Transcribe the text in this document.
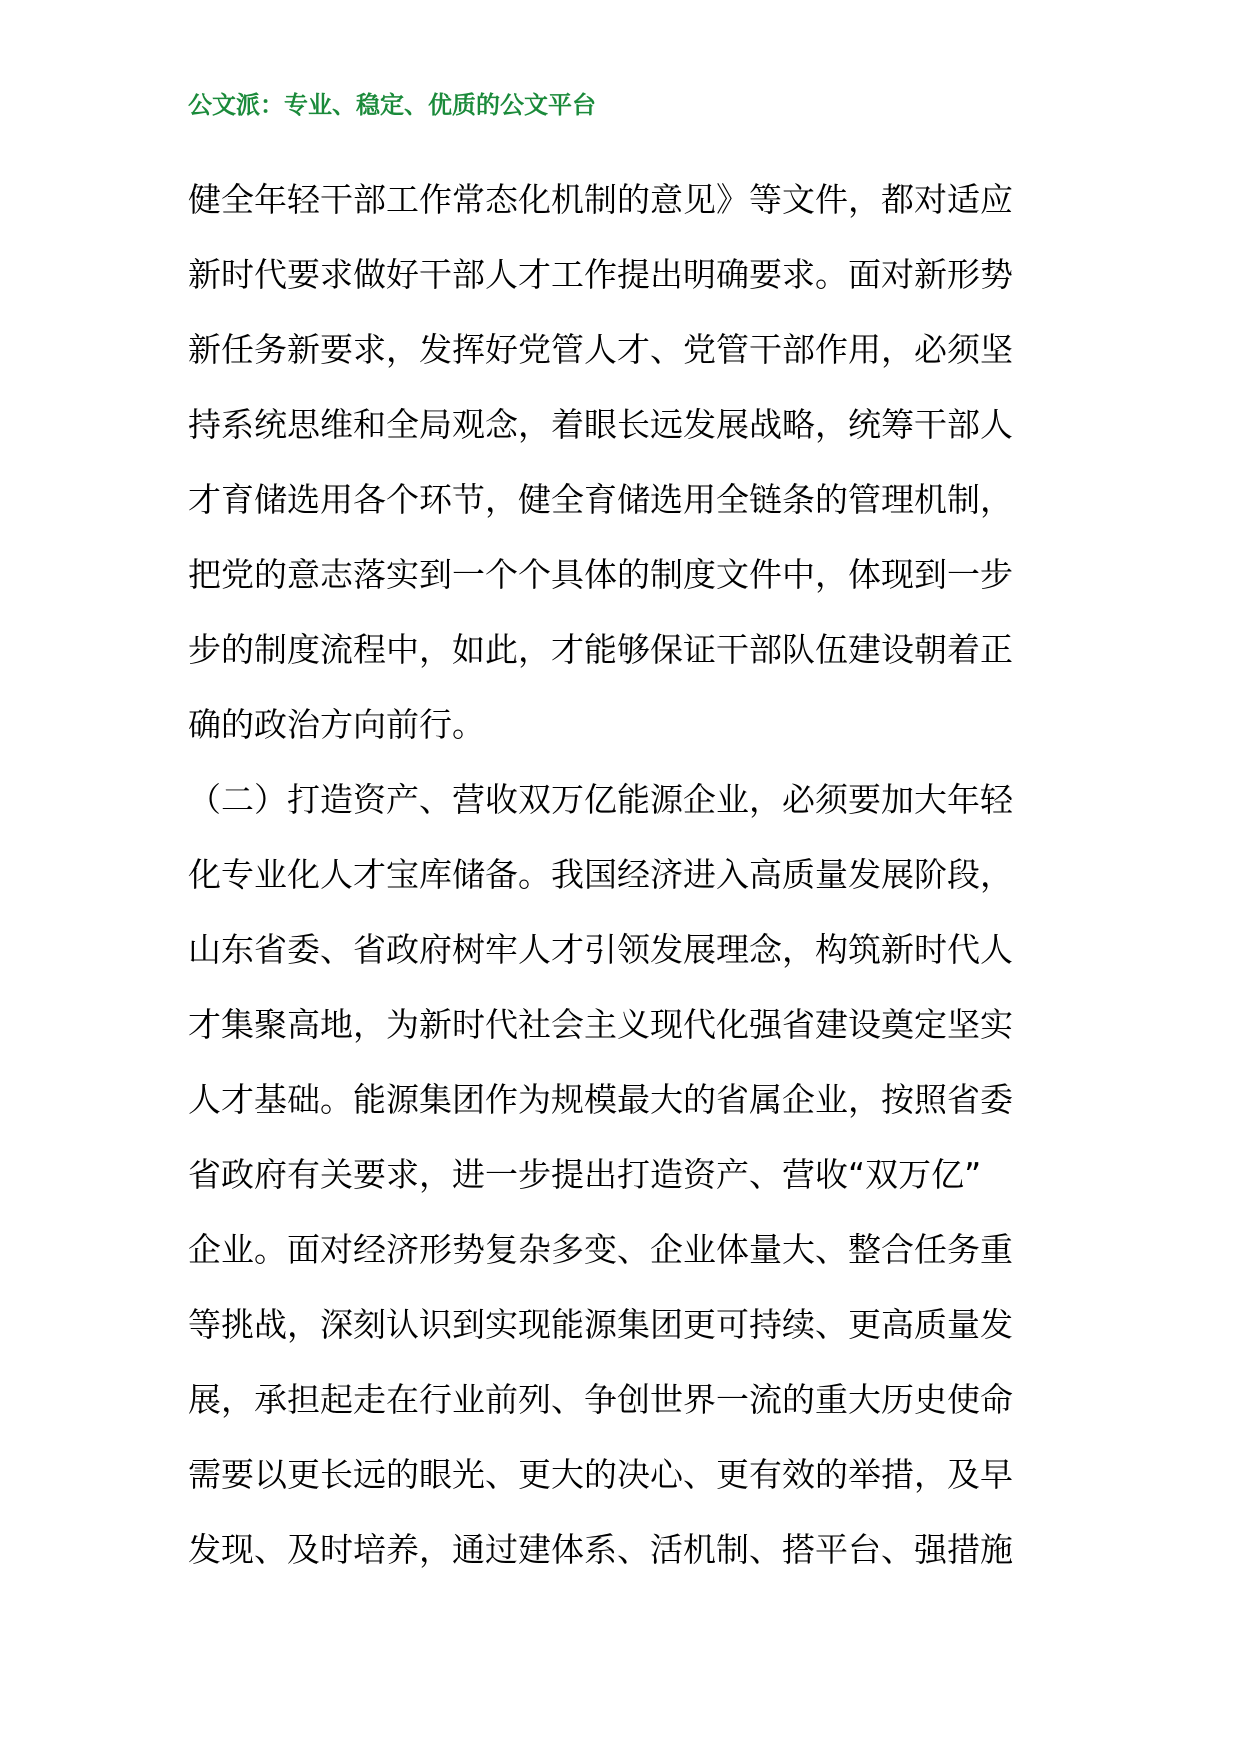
公文派：专业、稳定、优质的公文平台
健全年轻干部工作常态化机制的意见》等文件，都对适应
新时代要求做好干部人才工作提出明确要求。面对新形势
新任务新要求，发挥好党管人才、党管干部作用，必须坚
持系统思维和全局观念，着眼长远发展战略，统筹干部人
才育储选用各个环节，健全育储选用全链条的管理机制，
把党的意志落实到一个个具体的制度文件中，体现到一步
步的制度流程中，如此，才能够保证干部队伍建设朝着正
确的政治方向前行。
（二）打造资产、营收双万亿能源企业，必须要加大年轻
化专业化人才宝库储备。我国经济进入高质量发展阶段，
山东省委、省政府树牢人才引领发展理念，构筑新时代人
才集聚高地，为新时代社会主义现代化强省建设奠定坚实
人才基础。能源集团作为规模最大的省属企业，按照省委
省政府有关要求，进一步提出打造资产、营收“双万亿”
企业。面对经济形势复杂多变、企业体量大、整合任务重
等挑战，深刻认识到实现能源集团更可持续、更高质量发
展，承担起走在行业前列、争创世界一流的重大历史使命
需要以更长远的眼光、更大的决心、更有效的举措，及早
发现、及时培养，通过建体系、活机制、搭平台、强措施
